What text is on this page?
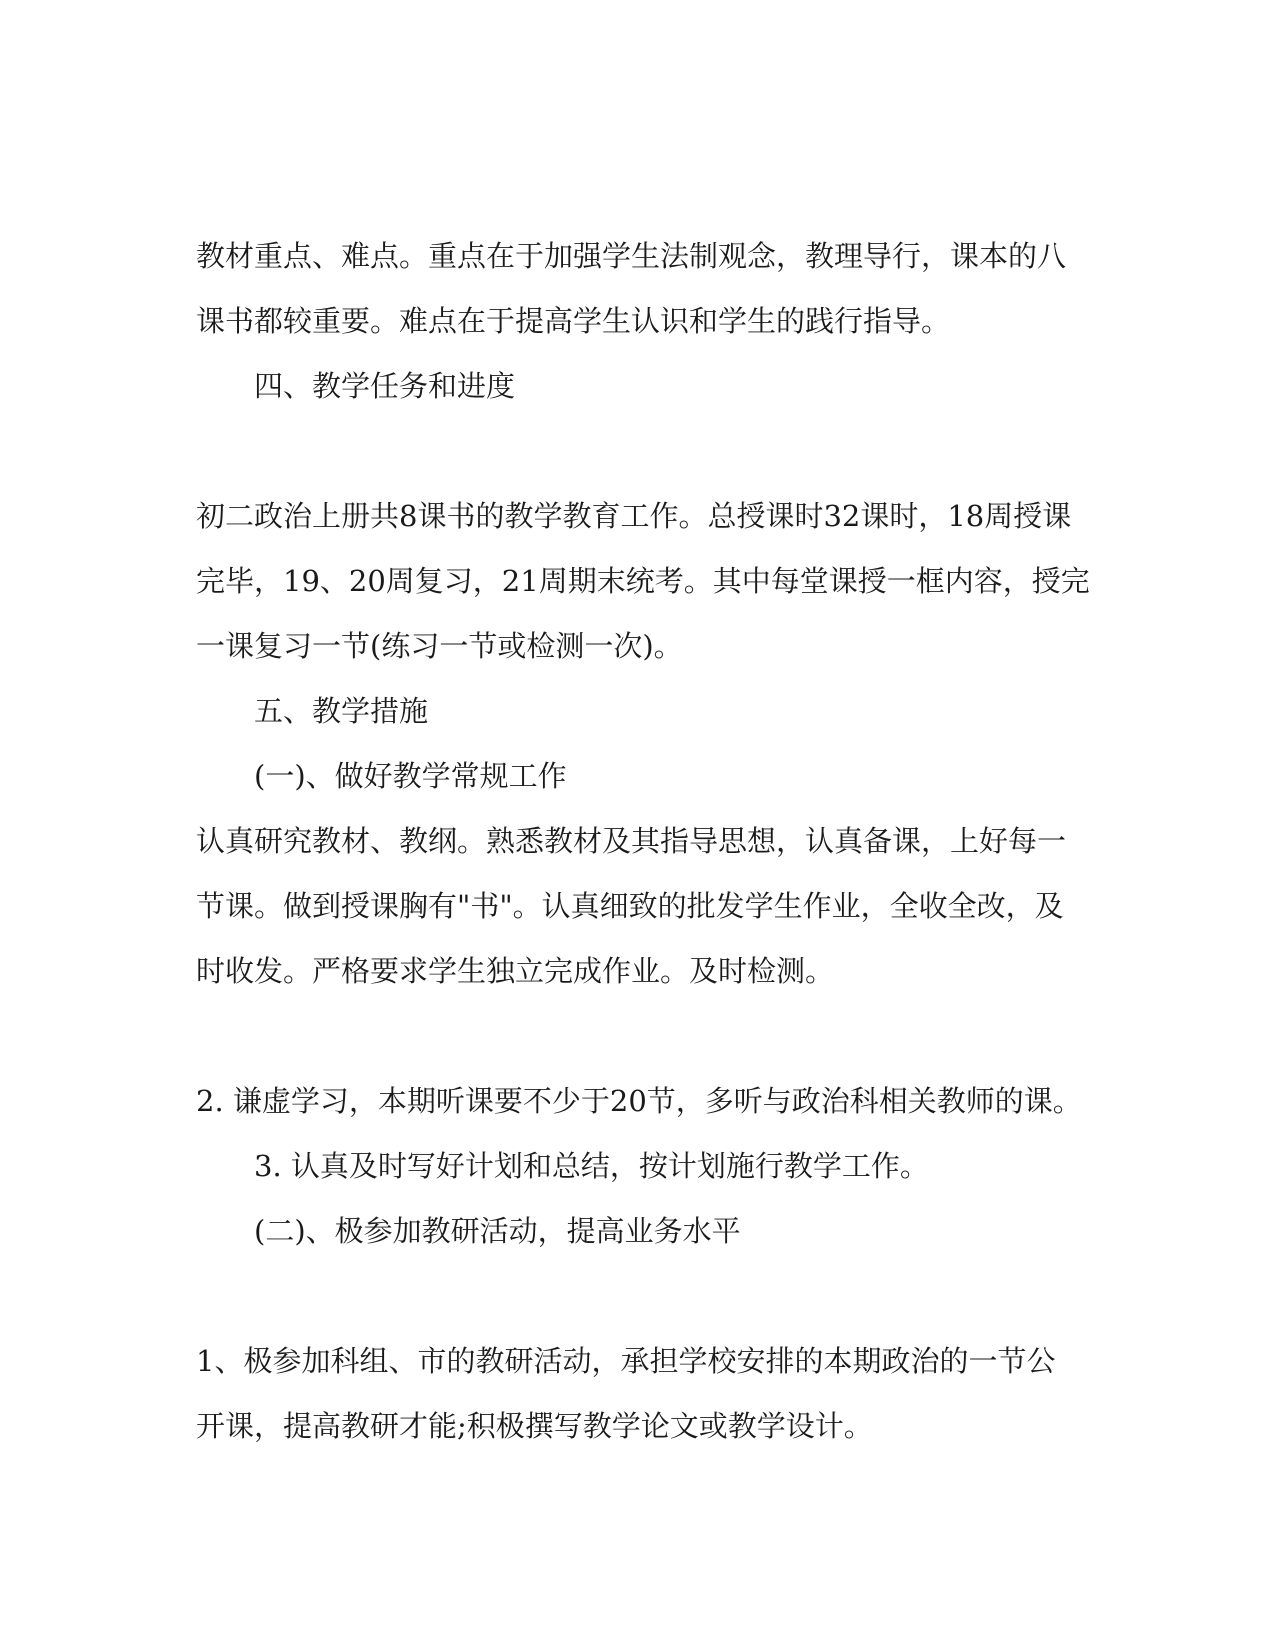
教材重点、难点。重点在于加强学生法制观念，教理导行，课本的八

课书都较重要。难点在于提高学生认识和学生的践行指导。

四、教学任务和进度

初二政治上册共8课书的教学教育工作。总授课时32课时，18周授课

完毕，19、20周复习，21周期末统考。其中每堂课授一框内容，授完

一课复习一节(练习一节或检测一次)。

五、教学措施

(一)、做好教学常规工作

认真研究教材、教纲。熟悉教材及其指导思想，认真备课，上好每一

节课。做到授课胸有"书"。认真细致的批发学生作业，全收全改，及

时收发。严格要求学生独立完成作业。及时检测。

2. 谦虚学习，本期听课要不少于20节，多听与政治科相关教师的课。

3. 认真及时写好计划和总结，按计划施行教学工作。

(二)、极参加教研活动，提高业务水平

1、极参加科组、市的教研活动，承担学校安排的本期政治的一节公

开课，提高教研才能;积极撰写教学论文或教学设计。
